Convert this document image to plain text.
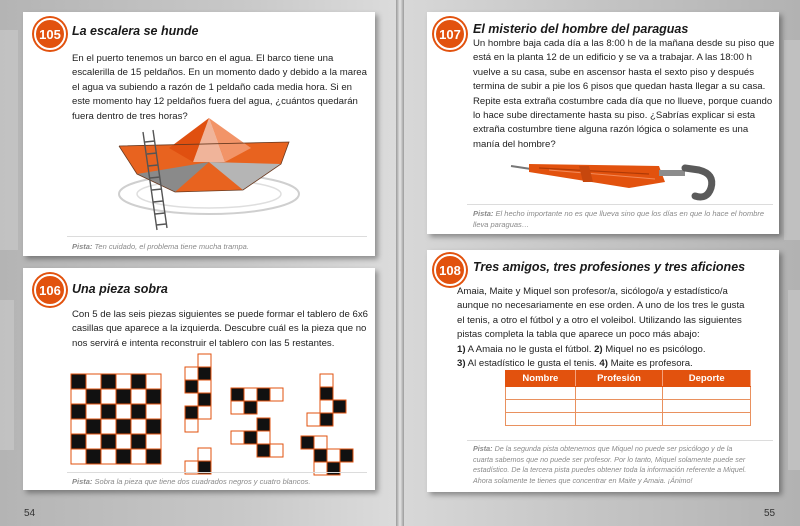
105 La escalera se hunde
En el puerto tenemos un barco en el agua. El barco tiene una
escalerilla de 15 peldaños. En un momento dado y debido a la marea
el agua va subiendo a razón de 1 peldaño cada media hora. Si en
este momento hay 12 peldaños fuera del agua, ¿cuántos quedarán
fuera dentro de tres horas?
Pista: Ten cuidado, el problema tiene mucha trampa.
106 Una pieza sobra
Con 5 de las seis piezas siguientes se puede formar el tablero de 6x6
casillas que aparece a la izquierda. Descubre cuál es la pieza que no
nos servirá e intenta reconstruir el tablero con las 5 restantes.
Pista: Sobra la pieza que tiene dos cuadrados negros y cuatro blancos.
54
107 El misterio del hombre del paraguas
Un hombre baja cada día a las 8:00 h de la mañana desde su piso que
está en la planta 12 de un edificio y se va a trabajar. A las 18:00 h
vuelve a su casa, sube en ascensor hasta el sexto piso y después
termina de subir a pie los 6 pisos que quedan hasta llegar a su casa.
Repite esta extraña costumbre cada día que no llueve, porque cuando
lo hace sube directamente hasta su piso. ¿Sabrías explicar si esta
extraña costumbre tiene alguna razón lógica o solamente es una
manía del hombre?
Pista: El hecho importante no es que llueva sino que los días en que lo hace el hombre
lleva paraguas…
108 Tres amigos, tres profesiones y tres aficiones
Amaia, Maite y Miquel son profesor/a, sicólogo/a y estadístico/a
aunque no necesariamente en ese orden. A uno de los tres le gusta
el tenis, a otro el fútbol y a otro el voleibol. Utilizando las siguientes
pistas completa la tabla que aparece un poco más abajo:
1) A Amaia no le gusta el fútbol. 2) Miquel no es psicólogo.
3) Al estadístico le gusta el tenis. 4) Maite es profesora.
Nombre	Profesión	Deporte

Pista: De la segunda pista obtenemos que Miquel no puede ser psicólogo y de la
cuarta sabemos que no puede ser profesor. Por lo tanto, Miquel solamente puede ser
estadístico. De la tercera pista puedes obtener toda la información referente a Miquel.
Ahora solamente te tienes que concentrar en Maite y Amaia. ¡Ánimo!
55
